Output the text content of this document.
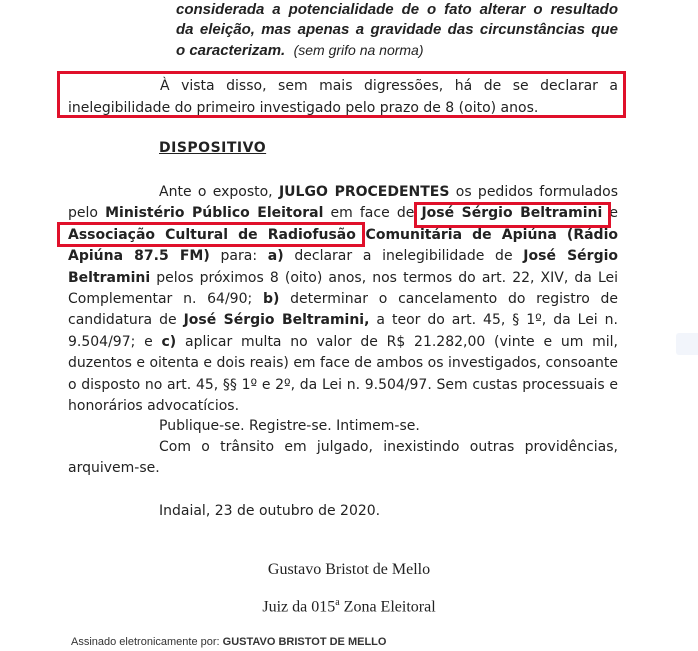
considerada a potencialidade de o fato alterar o resultado
da eleição, mas apenas a gravidade das circunstâncias que
o caracterizam. (sem grifo na norma)
À vista disso, sem mais digressões, há de se declarar a
inelegibilidade do primeiro investigado pelo prazo de 8 (oito) anos.
DISPOSITIVO
Ante o exposto, JULGO PROCEDENTES os pedidos formulados pelo Ministério Público Eleitoral em face de José Sérgio Beltramini e Associação Cultural de Radiofusão Comunitária de Apiúna (Rádio Apiúna 87.5 FM) para: a) declarar a inelegibilidade de José Sérgio Beltramini pelos próximos 8 (oito) anos, nos termos do art. 22, XIV, da Lei Complementar n. 64/90; b) determinar o cancelamento do registro de candidatura de José Sérgio Beltramini, a teor do art. 45, § 1º, da Lei n. 9.504/97; e c) aplicar multa no valor de R$ 21.282,00 (vinte e um mil, duzentos e oitenta e dois reais) em face de ambos os investigados, consoante o disposto no art. 45, §§ 1º e 2º, da Lei n. 9.504/97. Sem custas processuais e honorários advocatícios.
Publique-se. Registre-se. Intimem-se.
Com o trânsito em julgado, inexistindo outras providências,
arquivem-se.
Indaial, 23 de outubro de 2020.
Gustavo Bristot de Mello
Juiz da 015$^a$ Zona Eleitoral
Assinado eletronicamente por: GUSTAVO BRISTOT DE MELLO
